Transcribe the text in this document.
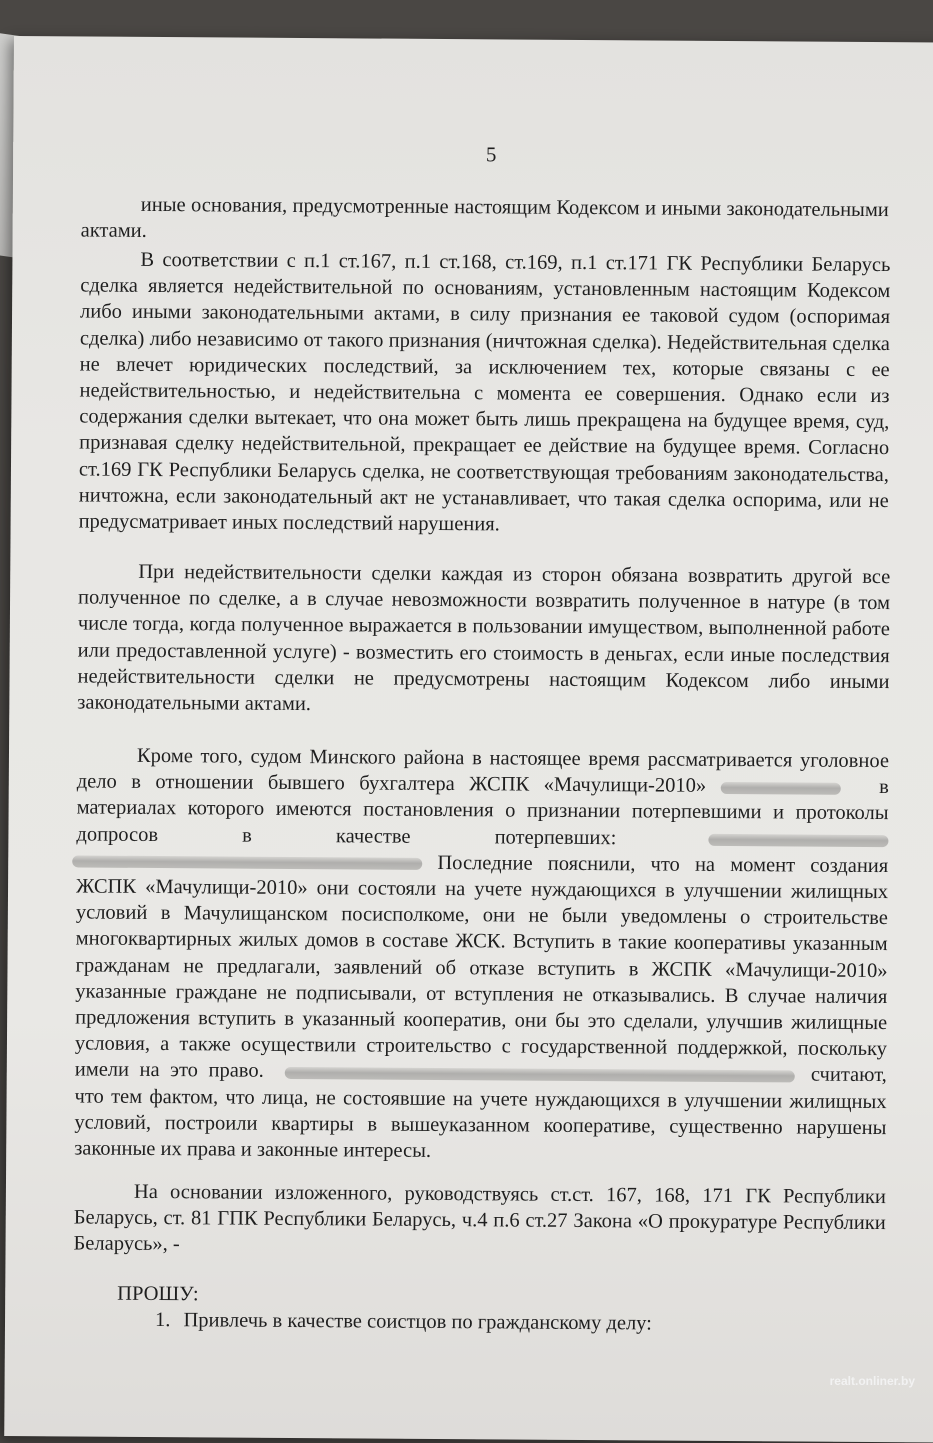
5

иные основания, предусмотренные настоящим Кодексом и иными законодательными актами.

В соответствии с п.1 ст.167, п.1 ст.168, ст.169, п.1 ст.171 ГК Республики Беларусь сделка является недействительной по основаниям, установленным настоящим Кодексом либо иными законодательными актами, в силу признания ее таковой судом (оспоримая сделка) либо независимо от такого признания (ничтожная сделка). Недействительная сделка не влечет юридических последствий, за исключением тех, которые связаны с ее недействительностью, и недействительна с момента ее совершения. Однако если из содержания сделки вытекает, что она может быть лишь прекращена на будущее время, суд, признавая сделку недействительной, прекращает ее действие на будущее время. Согласно ст.169 ГК Республики Беларусь сделка, не соответствующая требованиям законодательства, ничтожна, если законодательный акт не устанавливает, что такая сделка оспорима, или не предусматривает иных последствий нарушения.

При недействительности сделки каждая из сторон обязана возвратить другой все полученное по сделке, а в случае невозможности возвратить полученное в натуре (в том числе тогда, когда полученное выражается в пользовании имуществом, выполненной работе или предоставленной услуге) - возместить его стоимость в деньгах, если иные последствия недействительности сделки не предусмотрены настоящим Кодексом либо иными законодательными актами.

Кроме того, судом Минского района в настоящее время рассматривается уголовное дело в отношении бывшего бухгалтера ЖСПК «Мачулищи-2010»	в материалах которого имеются постановления о признании потерпевшими и протоколы допросов в качестве потерпевших:   Последние пояснили, что на момент создания ЖСПК «Мачулищи-2010» они состояли на учете нуждающихся в улучшении жилищных условий в Мачулищанском посисполкоме, они не были уведомлены о строительстве многоквартирных жилых домов в составе ЖСК. Вступить в такие кооперативы указанным гражданам не предлагали, заявлений об отказе вступить в ЖСПК «Мачулищи-2010» указанные граждане не подписывали, от вступления не отказывались. В случае наличия предложения вступить в указанный кооператив, они бы это сделали, улучшив жилищные условия, а также осуществили строительство с государственной поддержкой, поскольку имели на это право.	считают, что тем фактом, что лица, не состоявшие на учете нуждающихся в улучшении жилищных условий, построили квартиры в вышеуказанном кооперативе, существенно нарушены законные их права и законные интересы.

На основании изложенного, руководствуясь ст.ст. 167, 168, 171 ГК Республики Беларусь, ст. 81 ГПК Республики Беларусь, ч.4 п.6 ст.27 Закона «О прокуратуре Республики Беларусь», -

ПРОШУ:
1. Привлечь в качестве соистцов по гражданскому делу:
realt.onliner.by
